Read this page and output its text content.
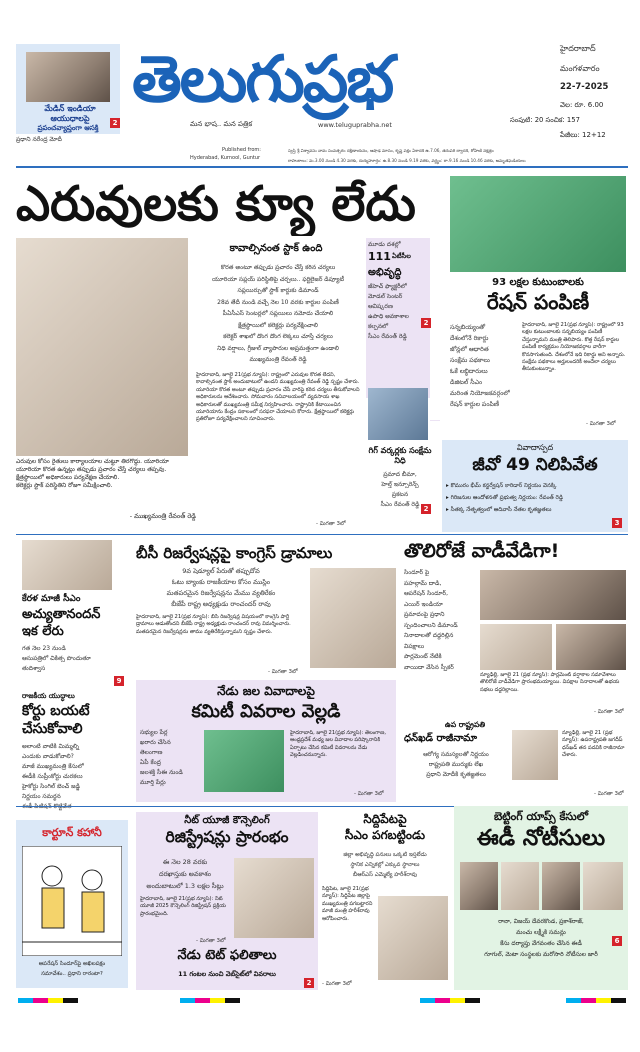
మేడిన్ ఇండియా
ఆయుధాలపై
ప్రపంచవ్యాప్తంగా ఆసక్తి
2
ప్రధాని నరేంద్ర మోదీ
తెలుగుప్రభ
మన భాష.. మన పత్రిక	www.teluguprabha.net
హైదరాబాద్
మంగళవారం
22-7-2025
వెల: రూ. 6.00
సంపుటి: 20 సంచిక: 157
పేజీలు: 12+12
Published from:
Hyderabad, Kurnool, Guntur
స్వస్తి శ్రీ విశ్వావసు నామ సంవత్సరం దక్షిణాయనం, ఆషాఢ మాసం, కృష్ణ పక్షం ఏకాదశి ఉ.7.06, తదుపరి ద్వాదశి, రోహిణి నక్షత్రం
రాహుకాలం: మ.3.00 నుండి 4.30 వరకు, దుర్ముహూర్తం: ఉ.8.30 నుండి 9.19 వరకు, వర్జ్యం: రా.9.16 నుండి 10.46 వరకు, అమృతఘడియలు
ఎరువులకు క్యూ లేదు
ఎరువుల కోసం రైతులు కార్యాలయాల చుట్టూ తిరగొద్దు. యూరియా
యూరియా కొరత ఉన్నట్లు తప్పుడు ప్రచారం చేస్తే చర్యలు తప్పవు.
క్షేత్రస్థాయిలో అధికారులు పర్యవేక్షణ చేయాలి.
కలెక్టర్లు స్టాక్ పరిస్థితిని రోజూ సమీక్షించాలి.
- ముఖ్యమంత్రి రేవంత్ రెడ్డి
కావాల్సినంత స్టాక్ ఉంది
కొరత అంటూ తప్పుడు ప్రచారం చేస్తే కఠిన చర్యలు
యూరియా సప్లయ్ పరిస్థితిపై చర్చలు.. ఫర్టిలైజర్ డిప్యూటీ
సప్లయిర్సుతో స్టాక్ కార్డుకు డిమాండ్
28వ తేదీ నుండి వచ్చే నెల 10 వరకు కార్డుల పంపిణీ
పీఏసీఎస్ సెంటర్లలో సప్లయిలు నమోదు చేయాలి
క్షేత్రస్థాయిలో కలెక్టర్లు పర్యవేక్షించాలి
కలెక్టర్ శాఖలో దొంగ దొంగ లెక్కలు చూస్తే చర్యలు
నిధి వర్షాలు, గ్రీజుల్ వ్యాపారుల అప్రమత్తంగా ఉండాలి
ముఖ్యమంత్రి రేవంత్ రెడ్డి
హైదరాబాద్, జూలై 21(ప్రభ న్యూస్): రాష్ట్రంలో ఎరువుల కొరత లేదని, కావాల్సినంత స్టాక్ అందుబాటులో ఉందని ముఖ్యమంత్రి రేవంత్ రెడ్డి స్పష్టం చేశారు. యూరియా కొరత అంటూ తప్పుడు ప్రచారం చేసే వారిపై కఠిన చర్యలు తీసుకోవాలని అధికారులను ఆదేశించారు. సోమవారం సచివాలయంలో వ్యవసాయ శాఖ అధికారులతో ముఖ్యమంత్రి సమీక్ష నిర్వహించారు. రాష్ట్రానికి కేటాయించిన యూరియాను కేంద్రం సకాలంలో సరఫరా చేయాలని కోరారు. క్షేత్రస్థాయిలో కలెక్టర్లు ప్రతిరోజూ పర్యవేక్షించాలని సూచించారు.
- మిగతా 3లో
మూడు దశల్లో
111 ఏటీసీల
అభివృద్ధి
జీహెచ్ ఫ్యాక్టరీలో
మోడల్ సెంటర్
ఆవిష్కరణ
ఉపాధి అవకాశాల
కల్పనలో
సీఎం రేవంత్ రెడ్డి
2
గిగ్ వర్కర్లకు సంక్షేమ నిధి
ప్రమాద బీమా,
హెల్త్ ఇన్సూరెన్స్
ప్రకటన
సీఎం రేవంత్ రెడ్డి
2
93 లక్షల కుటుంబాలకు
రేషన్ పంపిణీ
సన్నబియ్యంతో
దేశంలోనే రికార్డు
జోన్లలో ఆధారిత
సంక్షేమ పథకాలు
ఓకే లబ్ధిదారులు
డిజిటల్ సీఎం
మరింత నియోజకవర్గంలో
రేషన్ కార్డుల పంపిణీ
హైదరాబాద్, జూలై 21(ప్రభ న్యూస్): రాష్ట్రంలో 93 లక్షల కుటుంబాలకు సన్నబియ్యం పంపిణీ చేస్తున్నామని మంత్రి తెలిపారు. కొత్త రేషన్ కార్డుల పంపిణీ కార్యక్రమం నియోజకవర్గాల వారీగా కొనసాగుతుంది. దేశంలోనే ఇది రికార్డు అని అన్నారు. సంక్షేమ పథకాలు అర్హులందరికీ అందేలా చర్యలు తీసుకుంటున్నాం.
- మిగతా 3లో
వివాదాస్పద
జీవో 49 నిలిపివేత
▸ కొమురం భీమ్ కన్జర్వేషన్ కారిడార్ నిర్ణయం వెనక్కి
▸ గిరిజనుల ఆందోళనతో ప్రభుత్వ నిర్ణయం: రేవంత్ రెడ్డి
▸ సీతక్క నేతృత్వంలో ఆదివాసీ నేతల కృతజ్ఞతలు
3
కేరళ మాజీ సీఎం
అచ్యుతానందన్
ఇక లేరు
గత నెల 23 నుండి
ఆసుపత్రిలో చికిత్స పొందుతూ
తుదిశ్వాస
9
రాజకీయ యుద్ధాలు
కోర్టు బయటే
చేసుకోవాలి
అలాంటి వాటికి మిమ్మల్ని
ఎందుకు వాడుకోవాలి?
మాజీ ముఖ్యమంత్రి కేసులో
ఈడీకి సుప్రీంకోర్టు చురకలు
హైకోర్టు సింగిల్ బెంచ్ జడ్జి
నిర్ణయం సమర్థన
బీసీ రిజర్వేషన్లపై కాంగ్రెస్ డ్రామాలు
9వ షెడ్యూల్ పేరుతో తప్పుదోవ
ఓటు బ్యాంకు రాజకీయాల కోసం ముస్లిం
మతపరమైన రిజర్వేషన్లను మేము వ్యతిరేకం
బీజేపీ రాష్ట్ర అధ్యక్షుడు రాంచందర్ రావు
హైదరాబాద్, జూలై 21(ప్రభ న్యూస్): బీసీ రిజర్వేషన్ల విషయంలో కాంగ్రెస్ పార్టీ డ్రామాలు ఆడుతోందని బీజేపీ రాష్ట్ర అధ్యక్షుడు రాంచందర్ రావు విమర్శించారు. మతపరమైన రిజర్వేషన్లను తాము వ్యతిరేకిస్తున్నామని స్పష్టం చేశారు.
- మిగతా 3లో
నేడు జల వివాదాలపై
కమిటీ వివరాల వెల్లడి
సభ్యుల పేర్ల
ఖరారు చేసిన
తెలంగాణ
ఏపీ కేంద్ర
జలశక్తి సీఈ నుండి
మూర్తి పేర్లు
హైదరాబాద్, జూలై 21(ప్రభ న్యూస్): తెలంగాణ, ఆంధ్రప్రదేశ్ మధ్య జల వివాదాల పరిష్కారానికి ఏర్పాటు చేసిన కమిటీ వివరాలను నేడు వెల్లడించనున్నారు.
- మిగతా 3లో
తొలిరోజే వాడీవేడిగా!
సిందూర్ పై
పహల్గామ్ దాడి,
ఆపరేషన్ సిందూర్,
ఎయిర్ ఇండియా
ప్రమాదంపై ప్రధాని
స్పందించాలని డిమాండ్
నినాదాలతో దద్దరిల్లిన
విపక్షాలు
పార్లమెంట్ నేటికి
వాయిదా వేసిన స్పీకర్
న్యూఢిల్లీ, జూలై 21 (ప్రభ న్యూస్): పార్లమెంట్ వర్షాకాల సమావేశాలు తొలిరోజే వాడీవేడిగా ప్రారంభమయ్యాయి. విపక్షాల నినాదాలతో ఉభయ సభలు దద్దరిల్లాయి.
- మిగతా 3లో
ఉప రాష్ట్రపతి
ధన్‌ఖడ్ రాజీనామా
ఆరోగ్య సమస్యలతో నిర్ణయం
రాష్ట్రపతి ముర్ముకు లేఖ
ప్రధాని మోదీకి కృతజ్ఞతలు
న్యూఢిల్లీ, జూలై 21 (ప్రభ న్యూస్): ఉపరాష్ట్రపతి జగదీప్ ధన్‌ఖడ్ తన పదవికి రాజీనామా చేశారు.
- మిగతా 3లో
కార్టూన్ కహానీ
ఆపరేషన్‌ సిందూర్‌పై అఖిలపక్షం
సమావేశం.. ప్రధాని రారంటా?
నీట్ యూజీ కౌన్సెలింగ్
రిజిస్ట్రేషన్లు ప్రారంభం
ఈ నెల 28 వరకు
దరఖాస్తుకు అవకాశం
అందుబాటులో 1.3 లక్షల సీట్లు
హైదరాబాద్, జూలై 21(ప్రభ న్యూస్): నీట్ యూజీ 2025 కౌన్సెలింగ్ రిజిస్ట్రేషన్ ప్రక్రియ ప్రారంభమైంది.
- మిగతా 3లో
నేడు టెట్ ఫలితాలు
11 గంటల నుంచి వెబ్‌సైట్‌లో వివరాలు
2
సిద్దిపేటపై
సీఎం పగబట్టిండు
జిల్లా అభివృద్ధి పనులు ఒక్కటి ఇస్తలేడు
స్థానిక ఎన్నికల్లో ఎక్కువ స్థానాలు
బీఆర్ఎస్ ఎమ్మెల్యే హరీశ్‌రావు
సిద్దిపేట, జూలై 21(ప్రభ న్యూస్): సిద్దిపేట జిల్లాపై ముఖ్యమంత్రి పగబట్టారని మాజీ మంత్రి హరీశ్‌రావు ఆరోపించారు.
- మిగతా 3లో
బెట్టింగ్ యాప్స్ కేసులో
ఈడీ నోటీసులు
రానా, విజయ్ దేవరకొండ, ప్రకాశ్‌రాజ్,
మంచు లక్ష్మీకి సమన్లు
కేసు దర్యాప్తు వేగవంతం చేసిన ఈడీ
గూగుల్, మెటా సంస్థలకు మరోసారి నోటీసుల జారీ
6
